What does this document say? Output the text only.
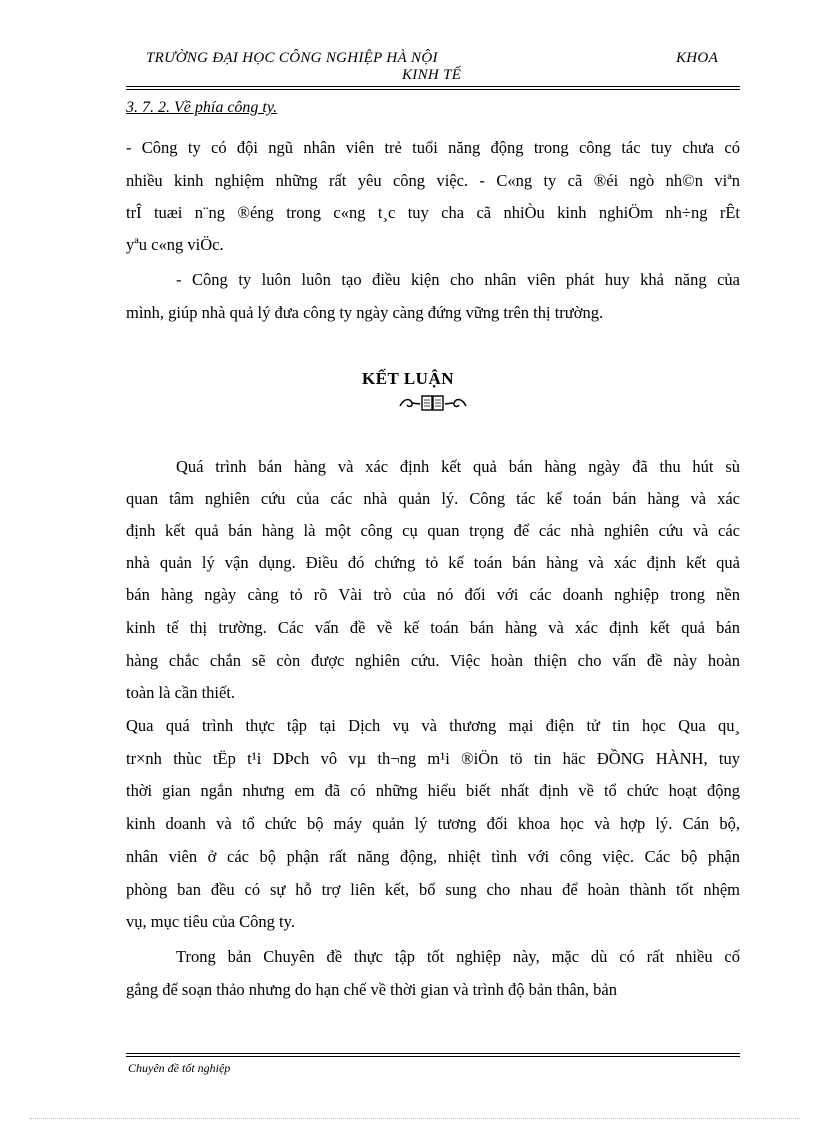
TRƯỜNG ĐẠI HỌC CÔNG NGHIỆP HÀ NỘI	KHOA
KINH TẾ
3. 7. 2. Về phía công ty.
- Công ty có đội ngũ nhân viên trẻ tuổi năng động trong công tác tuy chưa có
nhiều kinh nghiệm những rất yêu công việc. - C«ng ty cã ®éi ngò nh©n viªn
trÎ tuæi n¨ng ®éng trong c«ng t¸c tuy cha cã nhiÒu kinh nghiÖm nh÷ng rÊt
yªu c«ng viÖc.
- Công ty luôn luôn tạo điều kiện cho nhân viên phát huy khả năng của
mình, giúp nhà quả lý đưa công ty ngày càng đứng vững trên thị trường.
KẾT LUẬN
Quá trình bán hàng và xác định kết quả bán hàng ngày đã thu hút sù
quan tâm nghiên cứu của các nhà quản lý. Công tác kế toán bán hàng và xác
định kết quả bán hàng là một công cụ quan trọng để các nhà nghiên cứu và các
nhà quản lý vận dụng. Điều đó chứng tỏ kế toán bán hàng và xác định kết quả
bán hàng ngày càng tỏ rõ Vài trò của nó đối với các doanh nghiệp trong nền
kinh tế thị trường. Các vấn đề về kế toán bán hàng và xác định kết quả bán
hàng chắc chắn sẽ còn được nghiên cứu. Việc hoàn thiện cho vấn đề này hoàn
toàn là cần thiết.
Qua quá trình thực tập tại Dịch vụ và thương mại điện tử tin học Qua qu¸
tr×nh thùc tËp t¹i DÞch vô vµ th¬ng m¹i ®iÖn tö tin häc ĐỒNG HÀNH, tuy
thời gian ngắn nhưng em đã có những hiểu biết nhất định về tổ chức hoạt động
kinh doanh và tổ chức bộ máy quản lý tương đối khoa học và hợp lý. Cán bộ,
nhân viên ở các bộ phận rất năng động, nhiệt tình với công việc. Các bộ phận
phòng ban đều có sự hỗ trợ liên kết, bổ sung cho nhau để hoàn thành tốt nhệm
vụ, mục tiêu của Công ty.
Trong bản Chuyên đề thực tập tốt nghiệp này, mặc dù có rất nhiều cố
gắng để soạn thảo nhưng do hạn chế về thời gian và trình độ bản thân, bản
Chuyên đề tốt nghiệp
